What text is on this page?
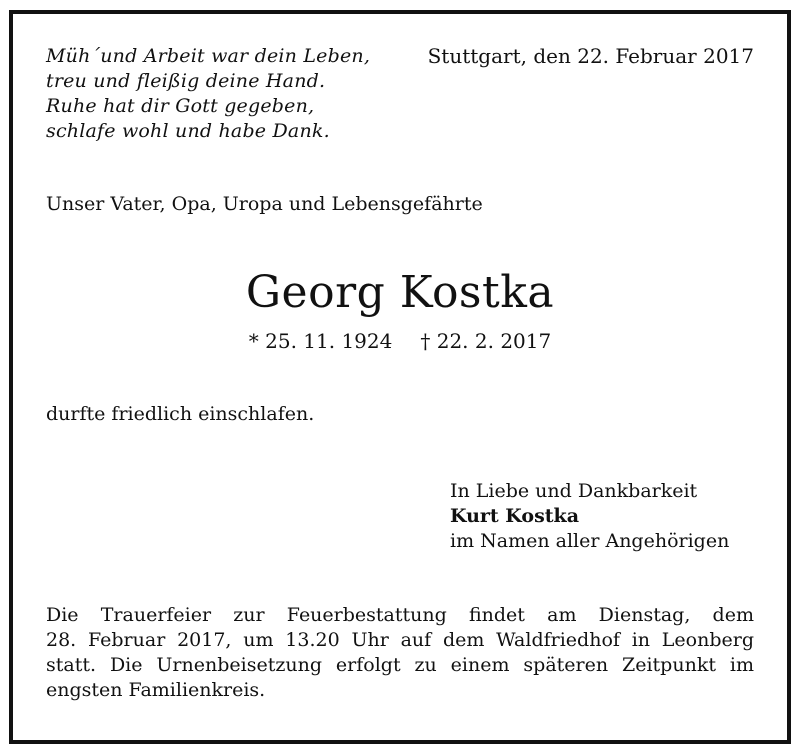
Müh´und Arbeit war dein Leben,
treu und fleißig deine Hand.
Ruhe hat dir Gott gegeben,
schlafe wohl und habe Dank.
Stuttgart, den 22. Februar 2017
Unser Vater, Opa, Uropa und Lebensgefährte
Georg Kostka
* 25. 11. 1924 † 22. 2. 2017
durfte friedlich einschlafen.
In Liebe und Dankbarkeit
Kurt Kostka
im Namen aller Angehörigen
Die Trauerfeier zur Feuerbestattung findet am Dienstag, dem
28. Februar 2017, um 13.20 Uhr auf dem Waldfriedhof in Leonberg
statt. Die Urnenbeisetzung erfolgt zu einem späteren Zeitpunkt im
engsten Familienkreis.
